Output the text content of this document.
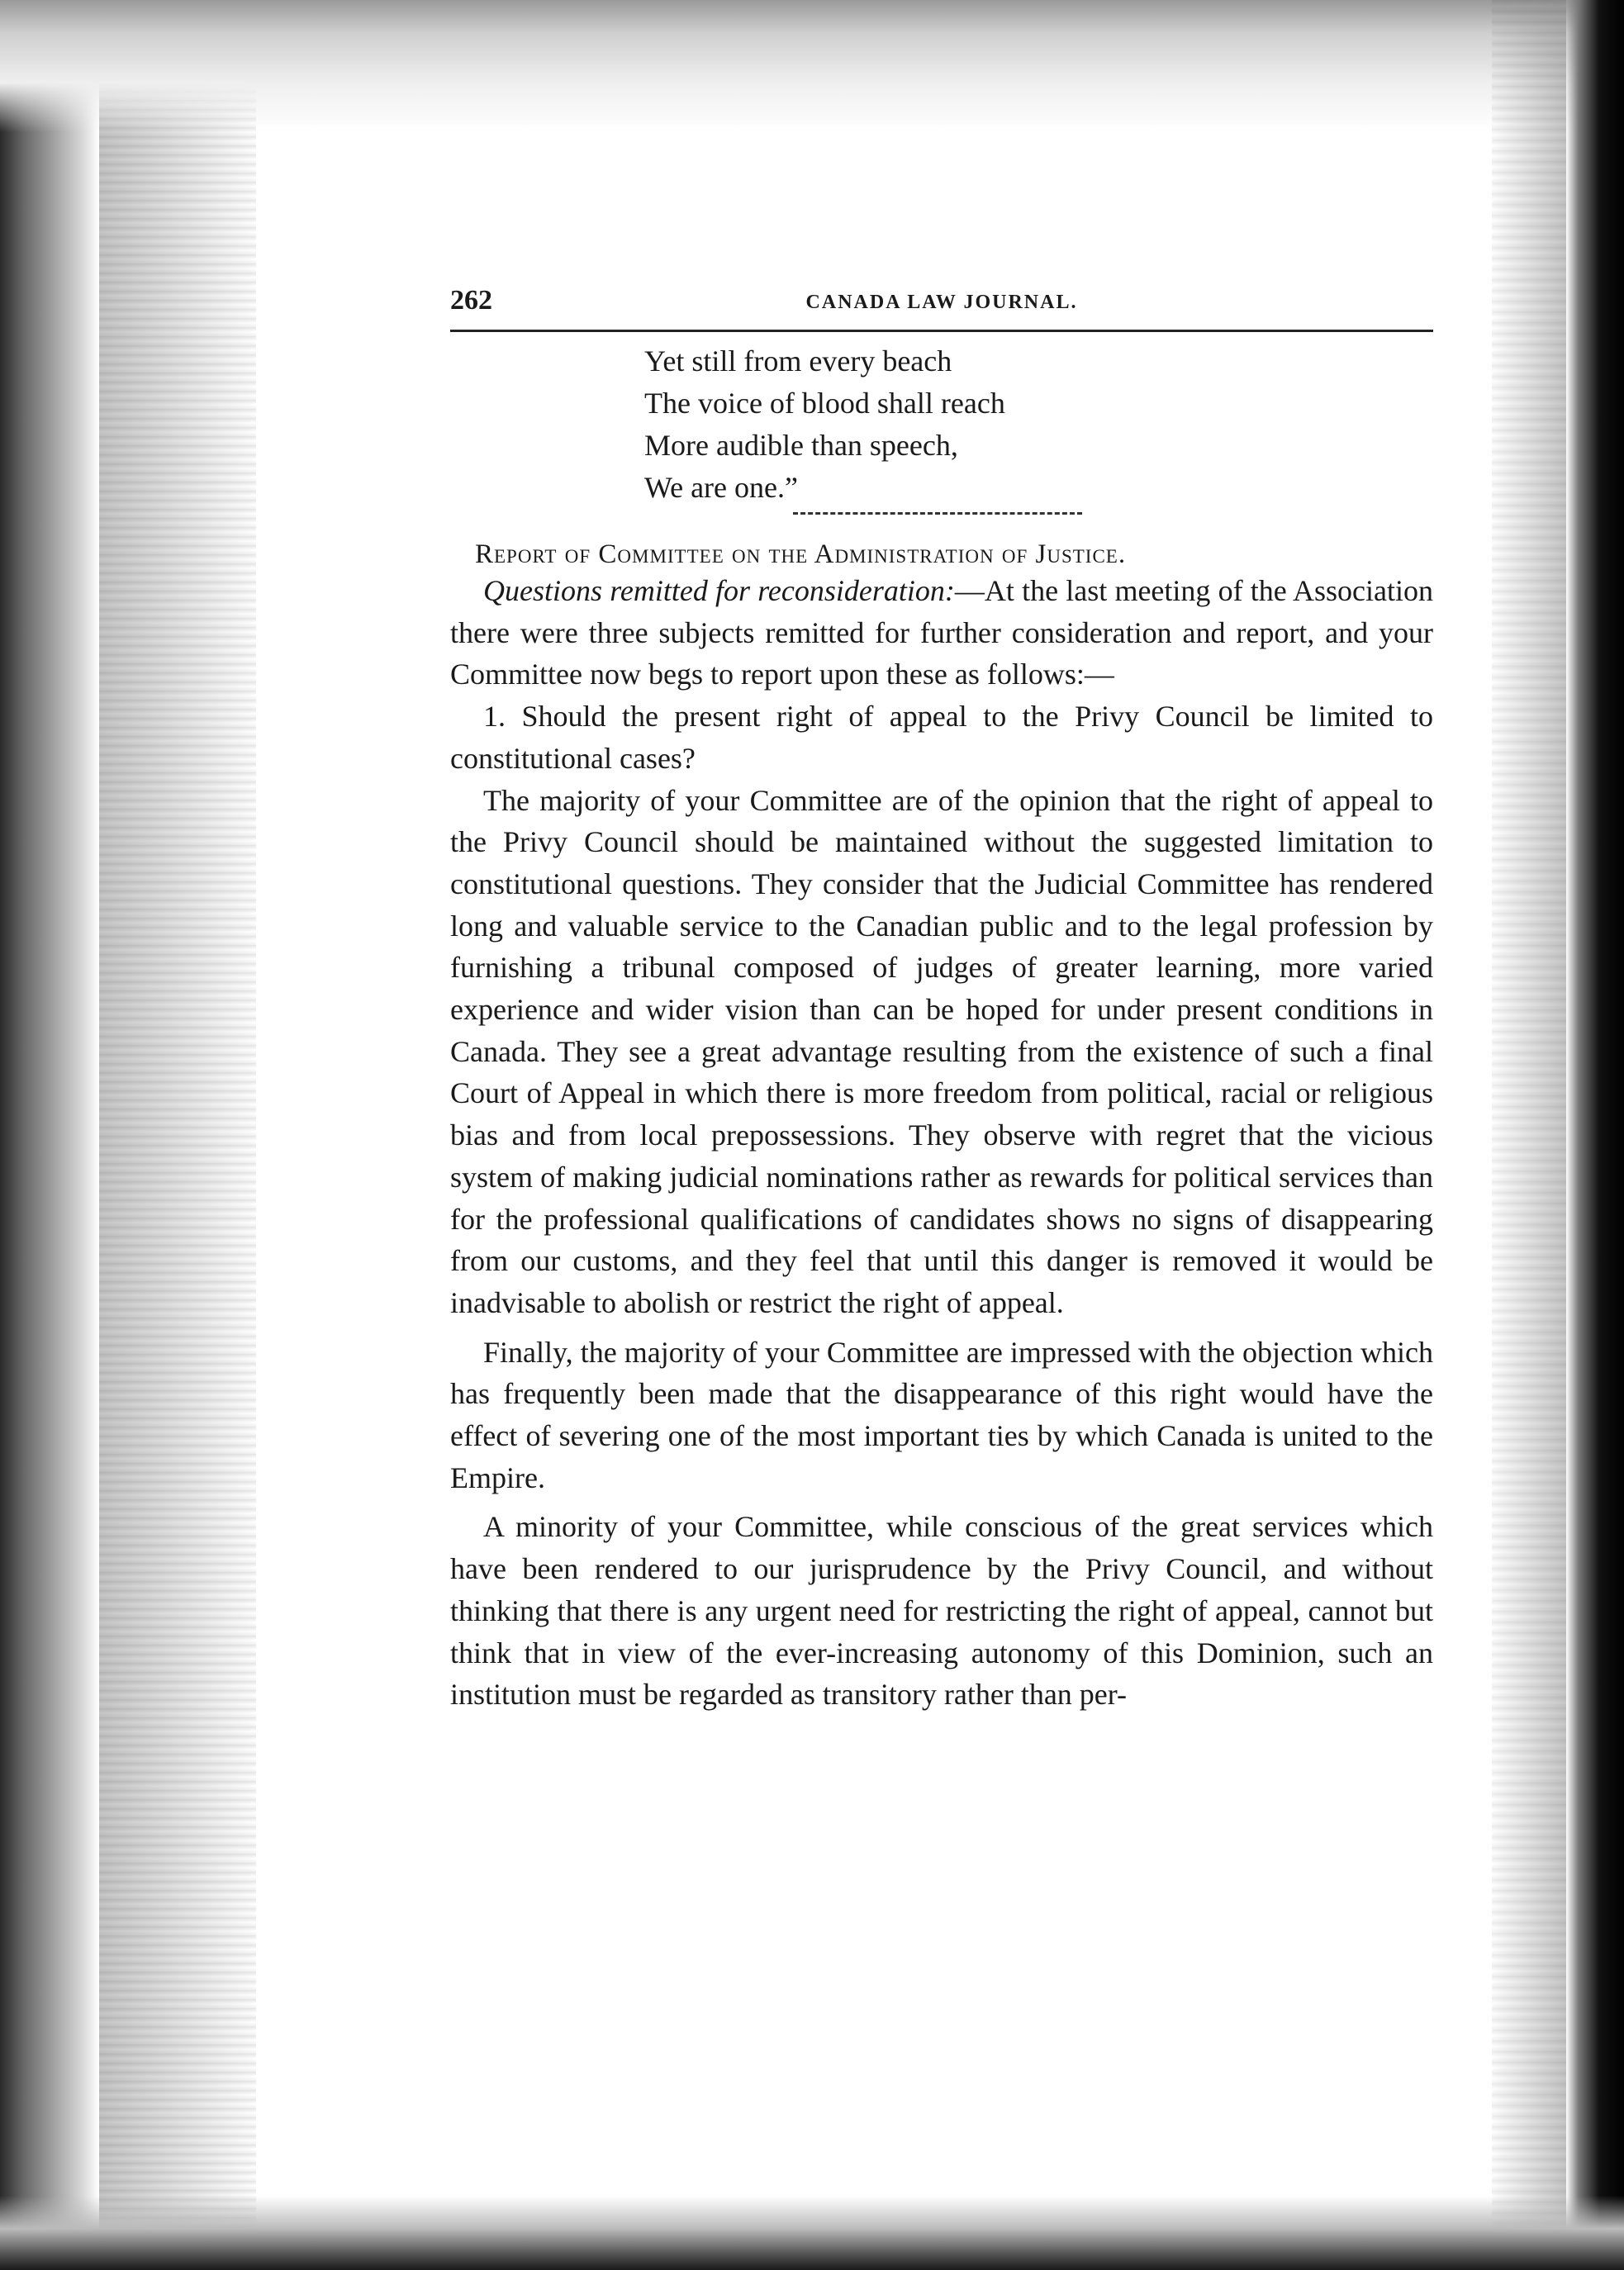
262	CANADA LAW JOURNAL.
Yet still from every beach
The voice of blood shall reach
More audible than speech,
We are one.”
Report of Committee on the Administration of Justice.

Questions remitted for reconsideration:—At the last meeting of the Association there were three subjects remitted for further consideration and report, and your Committee now begs to report upon these as follows:—

1. Should the present right of appeal to the Privy Council be limited to constitutional cases?

The majority of your Committee are of the opinion that the right of appeal to the Privy Council should be maintained without the suggested limitation to constitutional questions. They consider that the Judicial Committee has rendered long and valuable service to the Canadian public and to the legal profession by furnishing a tribunal composed of judges of greater learning, more varied experience and wider vision than can be hoped for under present conditions in Canada. They see a great advantage resulting from the existence of such a final Court of Appeal in which there is more freedom from political, racial or religious bias and from local prepossessions. They observe with regret that the vicious system of making judicial nominations rather as rewards for political services than for the professional qualifications of candidates shows no signs of disappearing from our customs, and they feel that until this danger is removed it would be inadvisable to abolish or restrict the right of appeal.

Finally, the majority of your Committee are impressed with the objection which has frequently been made that the disappearance of this right would have the effect of severing one of the most important ties by which Canada is united to the Empire.

A minority of your Committee, while conscious of the great services which have been rendered to our jurisprudence by the Privy Council, and without thinking that there is any urgent need for restricting the right of appeal, cannot but think that in view of the ever-increasing autonomy of this Dominion, such an institution must be regarded as transitory rather than per-
